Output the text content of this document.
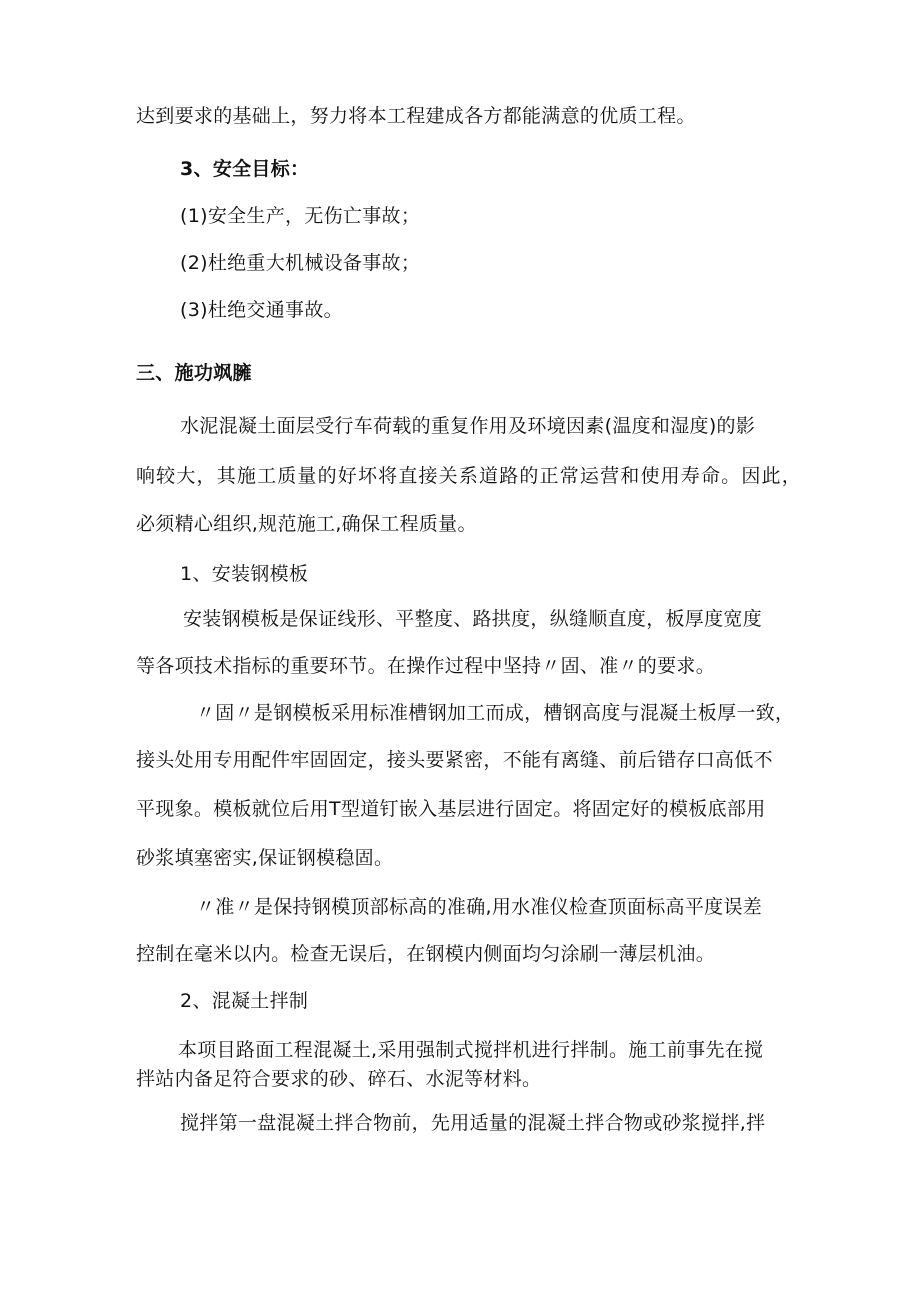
达到要求的基础上，努力将本工程建成各方都能满意的优质工程。
3、安全目标：
(1)安全生产，无伤亡事故；
(2)杜绝重大机械设备事故；
(3)杜绝交通事故。
三、施功飒臃
水泥混凝土面层受行车荷载的重复作用及环境因素(温度和湿度)的影
响较大，其施工质量的好坏将直接关系道路的正常运营和使用寿命。因此，
必须精心组织,规范施工,确保工程质量。
1、安装钢模板
安装钢模板是保证线形、平整度、路拱度，纵缝顺直度，板厚度宽度
等各项技术指标的重要环节。在操作过程中坚持〃固、准〃的要求。
〃固〃是钢模板采用标准槽钢加工而成，槽钢高度与混凝土板厚一致，
接头处用专用配件牢固固定，接头要紧密，不能有离缝、前后错存口高低不
平现象。模板就位后用T型道钉嵌入基层进行固定。将固定好的模板底部用
砂浆填塞密实,保证钢模稳固。
〃准〃是保持钢模顶部标高的准确,用水准仪检查顶面标高平度误差
控制在毫米以内。检查无误后，在钢模内侧面均匀涂刷一薄层机油。
2、混凝土拌制
本项目路面工程混凝土,采用强制式搅拌机进行拌制。施工前事先在搅
拌站内备足符合要求的砂、碎石、水泥等材料。
搅拌第一盘混凝土拌合物前，先用适量的混凝土拌合物或砂浆搅拌,拌
